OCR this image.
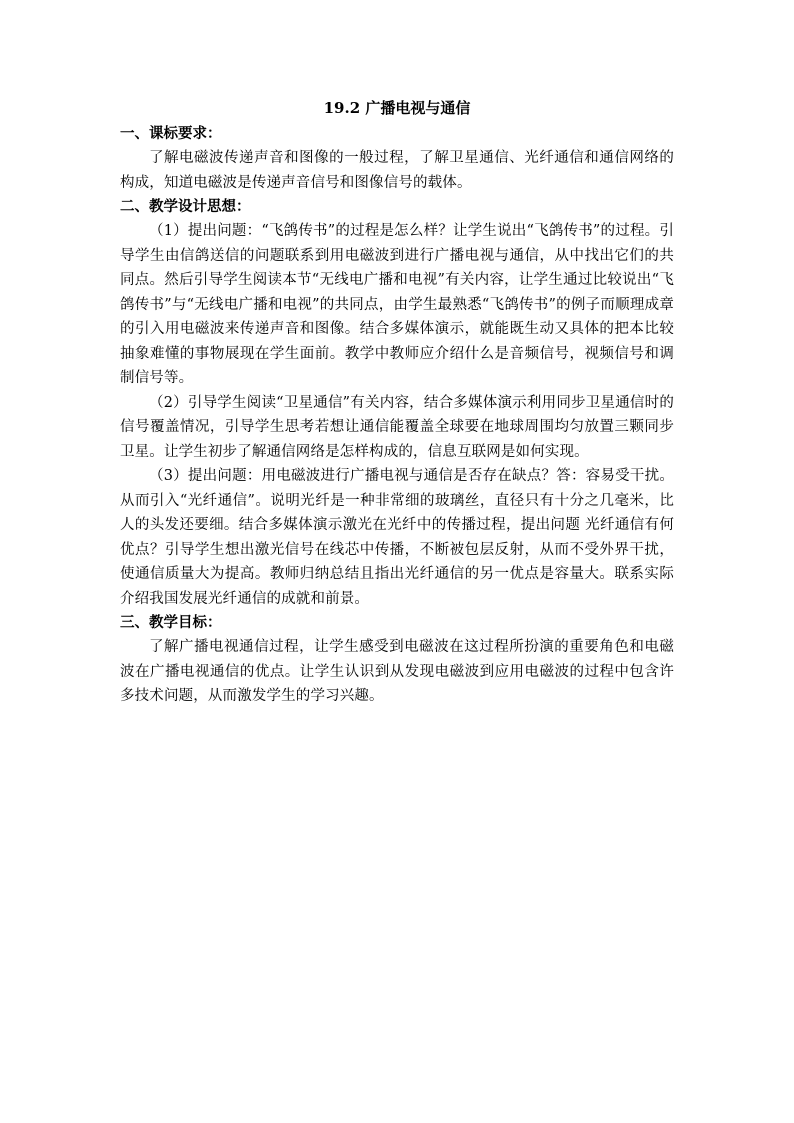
19.2 广播电视与通信
一、课标要求：

了解电磁波传递声音和图像的一般过程，了解卫星通信、光纤通信和通信网络的构成，知道电磁波是传递声音信号和图像信号的载体。

二、教学设计思想：

（1）提出问题：“飞鸽传书”的过程是怎么样？让学生说出“飞鸽传书”的过程。引导学生由信鸽送信的问题联系到用电磁波到进行广播电视与通信，从中找出它们的共同点。然后引导学生阅读本节“无线电广播和电视”有关内容，让学生通过比较说出“飞鸽传书”与“无线电广播和电视”的共同点，由学生最熟悉“飞鸽传书”的例子而顺理成章的引入用电磁波来传递声音和图像。结合多媒体演示，就能既生动又具体的把本比较抽象难懂的事物展现在学生面前。教学中教师应介绍什么是音频信号，视频信号和调制信号等。

（2）引导学生阅读“卫星通信”有关内容，结合多媒体演示利用同步卫星通信时的信号覆盖情况，引导学生思考若想让通信能覆盖全球要在地球周围均匀放置三颗同步卫星。让学生初步了解通信网络是怎样构成的，信息互联网是如何实现。

（3）提出问题：用电磁波进行广播电视与通信是否存在缺点？答：容易受干扰。从而引入“光纤通信”。说明光纤是一种非常细的玻璃丝，直径只有十分之几毫米，比人的头发还要细。结合多媒体演示激光在光纤中的传播过程，提出问题 光纤通信有何优点？引导学生想出激光信号在线芯中传播，不断被包层反射，从而不受外界干扰，使通信质量大为提高。教师归纳总结且指出光纤通信的另一优点是容量大。联系实际介绍我国发展光纤通信的成就和前景。

三、教学目标：

了解广播电视通信过程，让学生感受到电磁波在这过程所扮演的重要角色和电磁波在广播电视通信的优点。让学生认识到从发现电磁波到应用电磁波的过程中包含许多技术问题，从而激发学生的学习兴趣。
